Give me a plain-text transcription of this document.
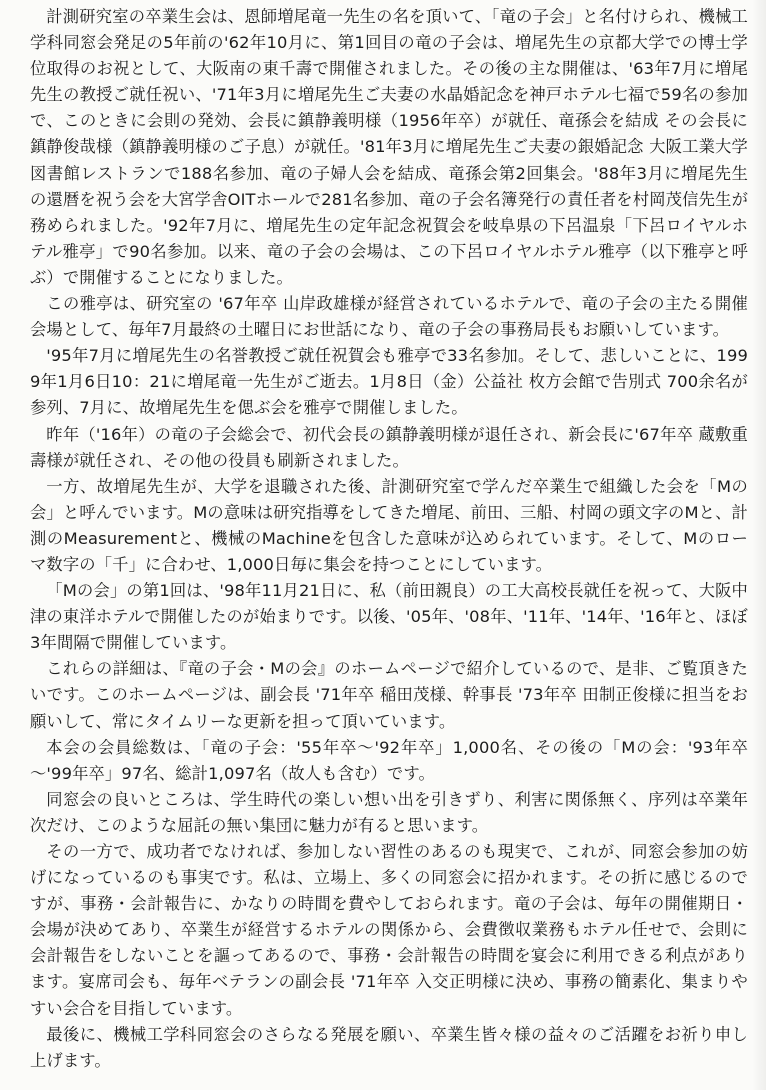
計測研究室の卒業生会は、恩師増尾竜一先生の名を頂いて、「竜の子会」と名付けられ、機械工学科同窓会発足の5年前の'62年10月に、第1回目の竜の子会は、増尾先生の京都大学での博士学位取得のお祝として、大阪南の東千壽で開催されました。その後の主な開催は、'63年7月に増尾先生の教授ご就任祝い、'71年3月に増尾先生ご夫妻の水晶婚記念を神戸ホテル七福で59名の参加で、このときに会則の発効、会長に鎮静義明様（1956年卒）が就任、竜孫会を結成 その会長に鎮静俊哉様（鎮静義明様のご子息）が就任。'81年3月に増尾先生ご夫妻の銀婚記念 大阪工業大学図書館レストランで188名参加、竜の子婦人会を結成、竜孫会第2回集会。'88年3月に増尾先生の還暦を祝う会を大宮学舎OITホールで281名参加、竜の子会名簿発行の責任者を村岡茂信先生が務められました。'92年7月に、増尾先生の定年記念祝賀会を岐阜県の下呂温泉「下呂ロイヤルホテル雅亭」で90名参加。以来、竜の子会の会場は、この下呂ロイヤルホテル雅亭（以下雅亭と呼ぶ）で開催することになりました。

この雅亭は、研究室の '67年卒 山岸政雄様が経営されているホテルで、竜の子会の主たる開催会場として、毎年7月最終の土曜日にお世話になり、竜の子会の事務局長もお願いしています。

'95年7月に増尾先生の名誉教授ご就任祝賀会も雅亭で33名参加。そして、悲しいことに、1999年1月6日10：21に増尾竜一先生がご逝去。1月8日（金）公益社 枚方会館で告別式 700余名が参列、7月に、故増尾先生を偲ぶ会を雅亭で開催しました。

昨年（'16年）の竜の子会総会で、初代会長の鎮静義明様が退任され、新会長に'67年卒 蔵敷重壽様が就任され、その他の役員も刷新されました。

一方、故増尾先生が、大学を退職された後、計測研究室で学んだ卒業生で組織した会を「Mの会」と呼んでいます。Mの意味は研究指導をしてきた増尾、前田、三船、村岡の頭文字のMと、計測のMeasurementと、機械のMachineを包含した意味が込められています。そして、Mのローマ数字の「千」に合わせ、1,000日毎に集会を持つことにしています。

「Mの会」の第1回は、'98年11月21日に、私（前田親良）の工大高校長就任を祝って、大阪中津の東洋ホテルで開催したのが始まりです。以後、'05年、'08年、'11年、'14年、'16年と、ほぼ3年間隔で開催しています。

これらの詳細は、『竜の子会・Mの会』のホームページで紹介しているので、是非、ご覧頂きたいです。このホームページは、副会長 '71年卒 稲田茂様、幹事長 '73年卒 田制正俊様に担当をお願いして、常にタイムリーな更新を担って頂いています。

本会の会員総数は、「竜の子会：'55年卒～'92年卒」1,000名、その後の「Mの会：'93年卒～'99年卒」97名、総計1,097名（故人も含む）です。

同窓会の良いところは、学生時代の楽しい想い出を引きずり、利害に関係無く、序列は卒業年次だけ、このような屈託の無い集団に魅力が有ると思います。

その一方で、成功者でなければ、参加しない習性のあるのも現実で、これが、同窓会参加の妨げになっているのも事実です。私は、立場上、多くの同窓会に招かれます。その折に感じるのですが、事務・会計報告に、かなりの時間を費やしておられます。竜の子会は、毎年の開催期日・会場が決めてあり、卒業生が経営するホテルの関係から、会費徴収業務もホテル任せで、会則に会計報告をしないことを謳ってあるので、事務・会計報告の時間を宴会に利用できる利点があります。宴席司会も、毎年ベテランの副会長 '71年卒 入交正明様に決め、事務の簡素化、集まりやすい会合を目指しています。

最後に、機械工学科同窓会のさらなる発展を願い、卒業生皆々様の益々のご活躍をお祈り申し上げます。
